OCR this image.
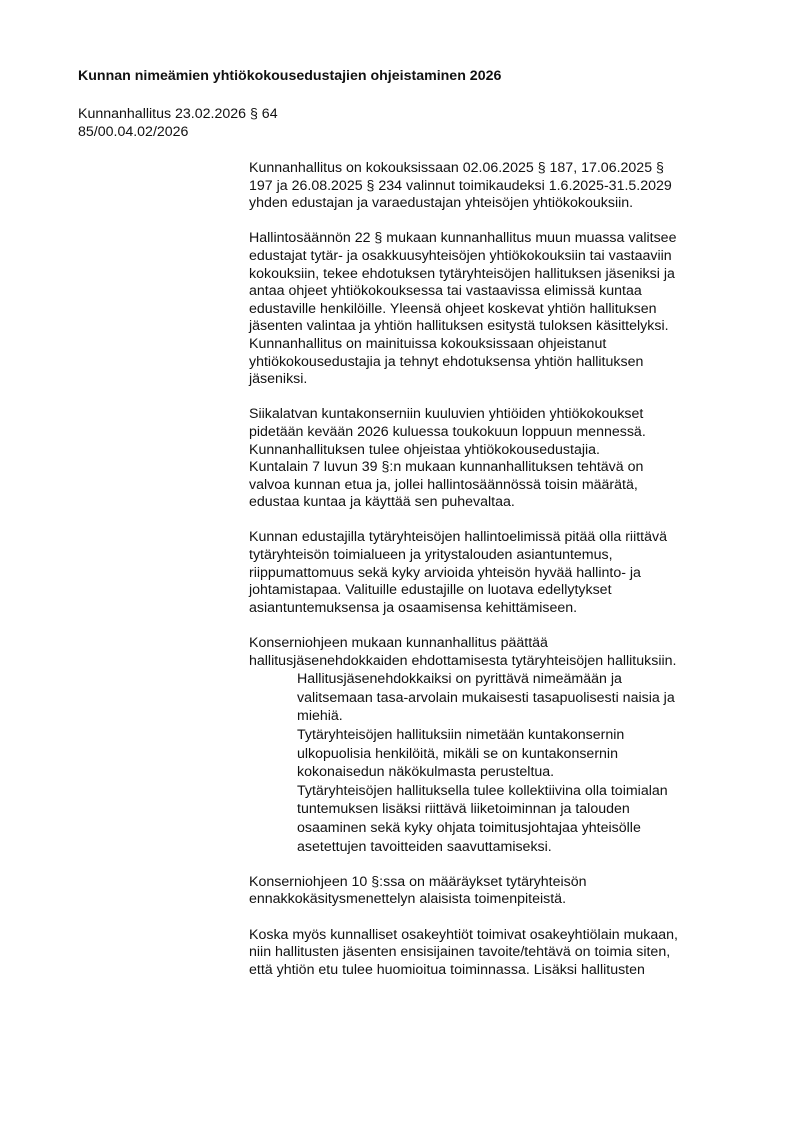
Kunnan nimeämien yhtiökokousedustajien ohjeistaminen 2026
Kunnanhallitus 23.02.2026 § 64
85/00.04.02/2026
Kunnanhallitus on kokouksissaan 02.06.2025 § 187, 17.06.2025 §
197 ja 26.08.2025 § 234 valinnut toimikaudeksi 1.6.2025-31.5.2029
yhden edustajan ja varaedustajan yhteisöjen yhtiökokouksiin.
Hallintosäännön 22 § mukaan kunnanhallitus muun muassa valitsee
edustajat tytär- ja osakkuusyhteisöjen yhtiökokouksiin tai vastaaviin
kokouksiin, tekee ehdotuksen tytäryhteisöjen hallituksen jäseniksi ja
antaa ohjeet yhtiökokouksessa tai vastaavissa elimissä kuntaa
edustaville henkilöille. Yleensä ohjeet koskevat yhtiön hallituksen
jäsenten valintaa ja yhtiön hallituksen esitystä tuloksen käsittelyksi.
Kunnanhallitus on mainituissa kokouksissaan ohjeistanut
yhtiökokousedustajia ja tehnyt ehdotuksensa yhtiön hallituksen
jäseniksi.
Siikalatvan kuntakonserniin kuuluvien yhtiöiden yhtiökokoukset
pidetään kevään 2026 kuluessa toukokuun loppuun mennessä.
Kunnanhallituksen tulee ohjeistaa yhtiökokousedustajia.
Kuntalain 7 luvun 39 §:n mukaan kunnanhallituksen tehtävä on
valvoa kunnan etua ja, jollei hallintosäännössä toisin määrätä,
edustaa kuntaa ja käyttää sen puhevaltaa.
Kunnan edustajilla tytäryhteisöjen hallintoelimissä pitää olla riittävä
tytäryhteisön toimialueen ja yritystalouden asiantuntemus,
riippumattomuus sekä kyky arvioida yhteisön hyvää hallinto- ja
johtamistapaa. Valituille edustajille on luotava edellytykset
asiantuntemuksensa ja osaamisensa kehittämiseen.
Konserniohjeen mukaan kunnanhallitus päättää
hallitusjäsenehdokkaiden ehdottamisesta tytäryhteisöjen hallituksiin.
Hallitusjäsenehdokkaiksi on pyrittävä nimeämään ja
valitsemaan tasa-arvolain mukaisesti tasapuolisesti naisia ja
miehiä.
Tytäryhteisöjen hallituksiin nimetään kuntakonsernin
ulkopuolisia henkilöitä, mikäli se on kuntakonsernin
kokonaisedun näkökulmasta perusteltua.
Tytäryhteisöjen hallituksella tulee kollektiivina olla toimialan
tuntemuksen lisäksi riittävä liiketoiminnan ja talouden
osaaminen sekä kyky ohjata toimitusjohtajaa yhteisölle
asetettujen tavoitteiden saavuttamiseksi.
Konserniohjeen 10 §:ssa on määräykset tytäryhteisön
ennakkokäsitysmenettelyn alaisista toimenpiteistä.
Koska myös kunnalliset osakeyhtiöt toimivat osakeyhtiölain mukaan,
niin hallitusten jäsenten ensisijainen tavoite/tehtävä on toimia siten,
että yhtiön etu tulee huomioitua toiminnassa. Lisäksi hallitusten
